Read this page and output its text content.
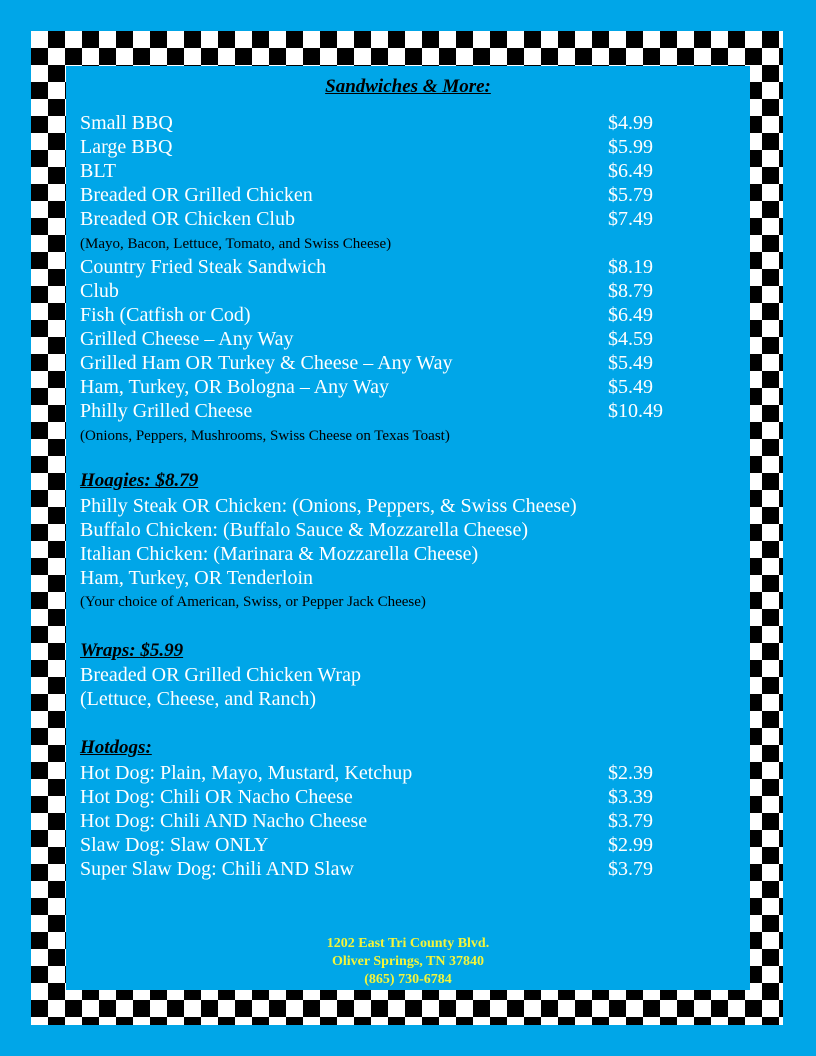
Sandwiches & More:
Small BBQ	$4.99
Large BBQ	$5.99
BLT	$6.49
Breaded OR Grilled Chicken	$5.79
Breaded OR Chicken Club	$7.49
(Mayo, Bacon, Lettuce, Tomato, and Swiss Cheese)
Country Fried Steak Sandwich	$8.19
Club	$8.79
Fish (Catfish or Cod)	$6.49
Grilled Cheese – Any Way	$4.59
Grilled Ham OR Turkey & Cheese – Any Way	$5.49
Ham, Turkey, OR Bologna – Any Way	$5.49
Philly Grilled Cheese	$10.49
(Onions, Peppers, Mushrooms, Swiss Cheese on Texas Toast)
Hoagies: $8.79
Philly Steak OR Chicken: (Onions, Peppers, & Swiss Cheese)
Buffalo Chicken: (Buffalo Sauce & Mozzarella Cheese)
Italian Chicken: (Marinara & Mozzarella Cheese)
Ham, Turkey, OR Tenderloin
(Your choice of American, Swiss, or Pepper Jack Cheese)
Wraps: $5.99
Breaded OR Grilled Chicken Wrap
(Lettuce, Cheese, and Ranch)
Hotdogs:
Hot Dog: Plain, Mayo, Mustard, Ketchup	$2.39
Hot Dog: Chili OR Nacho Cheese	$3.39
Hot Dog: Chili AND Nacho Cheese	$3.79
Slaw Dog: Slaw ONLY	$2.99
Super Slaw Dog: Chili AND Slaw	$3.79
1202 East Tri County Blvd.
Oliver Springs, TN 37840
(865) 730-6784
